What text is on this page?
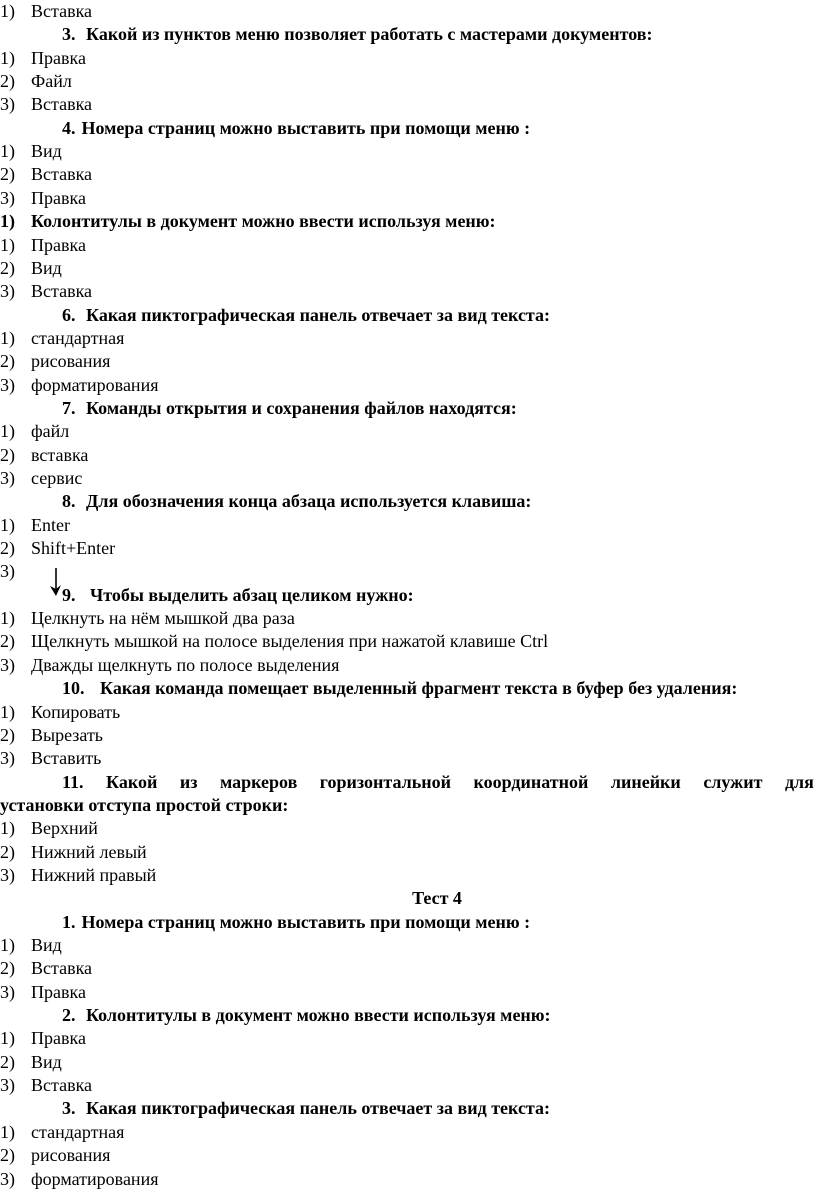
1) Вставка
3. Какой из пунктов меню позволяет работать с мастерами документов:
1) Правка
2) Файл
3) Вставка
4. Номера страниц можно выставить при помощи меню :
1) Вид
2) Вставка
3) Правка
1) Колонтитулы в документ можно ввести используя меню:
1) Правка
2) Вид
3) Вставка
6. Какая пиктографическая панель отвечает за вид текста:
1) стандартная
2) рисования
3) форматирования
7. Команды открытия и сохранения файлов находятся:
1) файл
2) вставка
3) сервис
8. Для обозначения конца абзаца используется клавиша:
1) Enter
2) Shift+Enter
3)
9. Чтобы выделить абзац целиком нужно:
1) Целкнуть на нём мышкой два раза
2) Щелкнуть мышкой на полосе выделения при нажатой клавише Ctrl
3) Дважды щелкнуть по полосе выделения
10. Какая команда помещает выделенный фрагмент текста в буфер без удаления:
1) Копировать
2) Вырезать
3) Вставить
11. Какой из маркеров горизонтальной координатной линейки служит для
установки отступа простой строки:
1) Верхний
2) Нижний левый
3) Нижний правый
Тест 4
1. Номера страниц можно выставить при помощи меню :
1) Вид
2) Вставка
3) Правка
2. Колонтитулы в документ можно ввести используя меню:
1) Правка
2) Вид
3) Вставка
3. Какая пиктографическая панель отвечает за вид текста:
1) стандартная
2) рисования
3) форматирования
